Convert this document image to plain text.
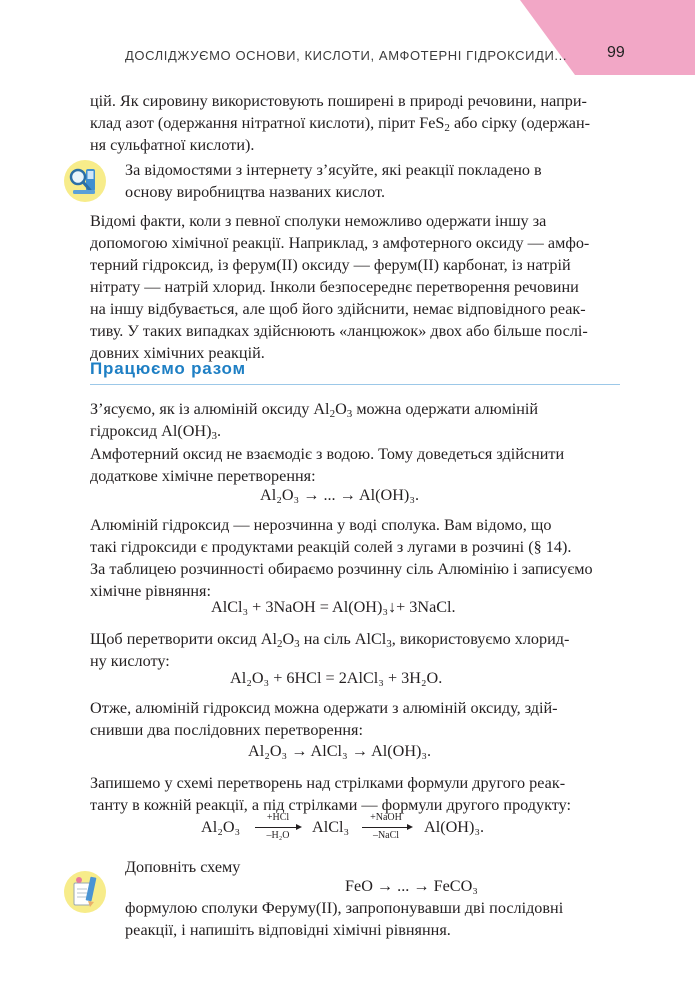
ДОСЛІДЖУЄМО ОСНОВИ, КИСЛОТИ, АМФОТЕРНІ ГІДРОКСИДИ... 99
цій. Як сировину використовують поширені в природі речовини, напри-
клад азот (одержання нітратної кислоти), пірит FeS$_2$ або сірку (одержан-
ня сульфатної кислоти).
За відомостями з інтернету з’ясуйте, які реакції покладено в
основу виробництва названих кислот.
Відомі факти, коли з певної сполуки неможливо одержати іншу за
допомогою хімічної реакції. Наприклад, з амфотерного оксиду — амфо-
терний гідроксид, із ферум(ІІ) оксиду — ферум(ІІ) карбонат, із натрій
нітрату — натрій хлорид. Інколи безпосереднє перетворення речовини
на іншу відбувається, але щоб його здійснити, немає відповідного реак-
тиву. У таких випадках здійснюють «ланцюжок» двох або більше послі-
довних хімічних реакцій.
Працюємо разом
З’ясуємо, як із алюміній оксиду $Al_2O_3$ можна одержати алюміній
гідроксид $Al(OH)_3$.
Амфотерний оксид не взаємодіє з водою. Тому доведеться здійснити
додаткове хімічне перетворення:
Al₂O₃ → ... → Al(OH)₃.
Алюміній гідроксид — нерозчинна у воді сполука. Вам відомо, що
такі гідроксиди є продуктами реакцій солей з лугами в розчині (§ 14).
За таблицею розчинності обираємо розчинну сіль Алюмінію і записуємо
хімічне рівняння:
AlCl₃ + 3NaOH = Al(OH)₃↓+ 3NaCl.
Щоб перетворити оксид $Al_2O_3$ на сіль AlCl$_3$, використовуємо хлорид-
ну кислоту:
Al₂O₃ + 6HCl = 2AlCl₃ + 3H₂O.
Отже, алюміній гідроксид можна одержати з алюміній оксиду, здій-
снивши два послідовних перетворення:
Al₂O₃ → AlCl₃ → Al(OH)₃.
Запишемо у схемі перетворень над стрілками формули другого реак-
танту в кожній реакції, а під стрілками — формули другого продукту:
Al₂O₃
+HCl
–H₂O	AlCl₃
+NaOH
–NaCl	Al(OH)₃.
Доповніть схему
FeO → ... → FeCO₃
формулою сполуки Феруму(ІІ), запропонувавши дві послідовні
реакції, і напишіть відповідні хімічні рівняння.
